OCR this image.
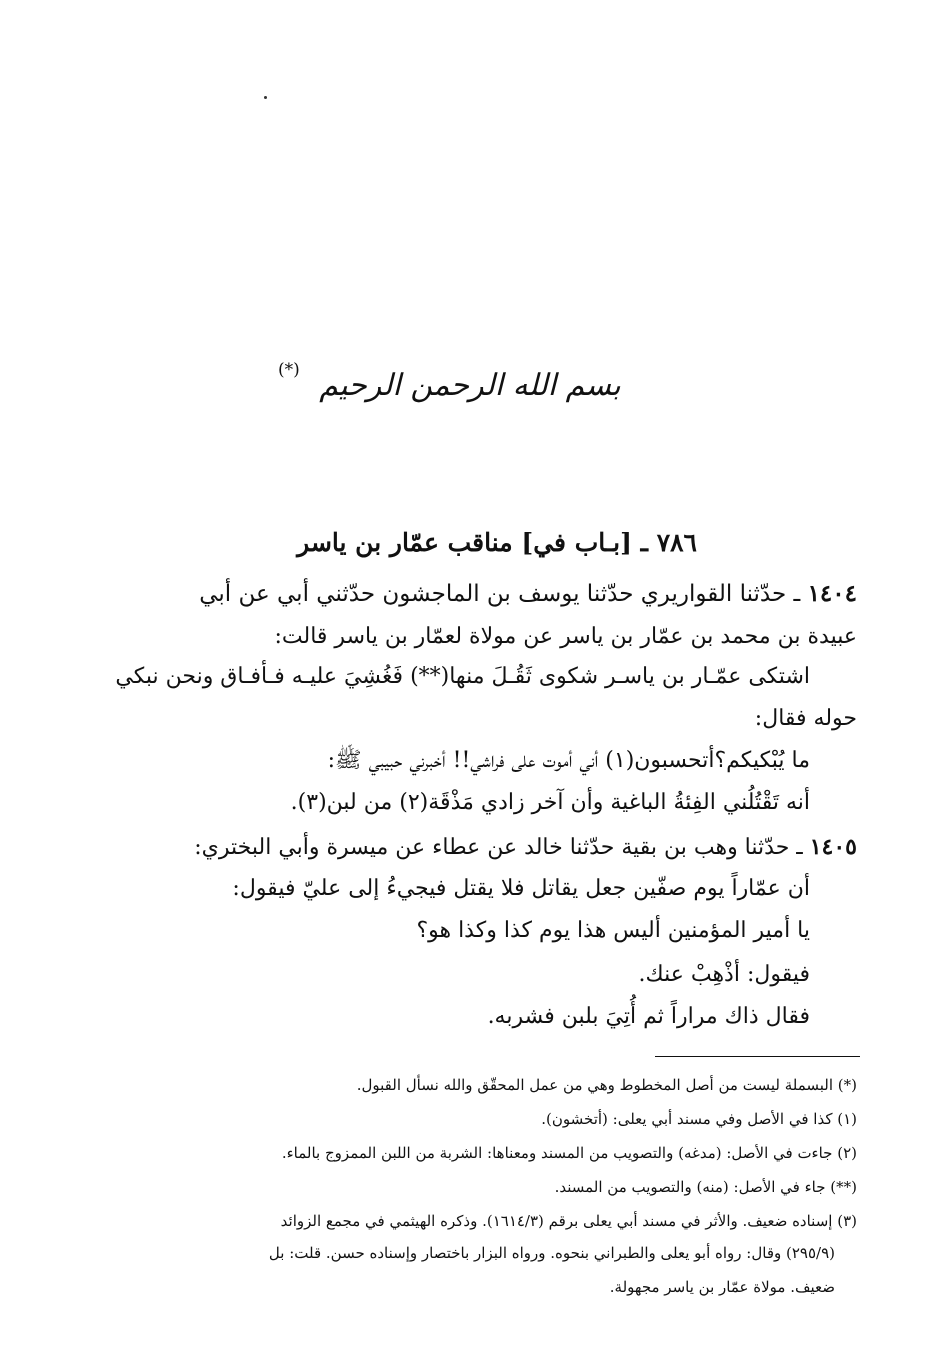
بسم الله الرحمن الرحيم
(*)
٧٨٦ ـ [بـاب في] مناقب عمّار بن ياسر
١٤٠٤ ـ حدّثنا القواريري حدّثنا يوسف بن الماجشون حدّثني أبي عن أبي
عبيدة بن محمد بن عمّار بن ياسر عن مولاة لعمّار بن ياسر قالت:
اشتكى عمّـار بن ياسـر شكوى ثَقُـلَ منها(**) فَغُشِيَ عليـه فـأفـاق ونحن نبكي
حوله فقال:
ما يُبْكيكم؟أتحسبون(١) أني أموت على فراشي!! أخبرني حبيبي ﷺ:
أنه تَقْتُلُني الفِئةُ الباغية وأن آخر زادي مَذْقَة(٢) من لبن(٣).
١٤٠٥ ـ حدّثنا وهب بن بقية حدّثنا خالد عن عطاء عن ميسرة وأبي البختري:
أن عمّاراً يوم صفّين جعل يقاتل فلا يقتل فيجيءُ إلى عليّ فيقول:
يا أمير المؤمنين أليس هذا يوم كذا وكذا هو؟
فيقول: أذْهِبْ عنك.
فقال ذاك مراراً ثم أُتِيَ بلبن فشربه.
(*) البسملة ليست من أصل المخطوط وهي من عمل المحقّق والله نسأل القبول.
(١) كذا في الأصل وفي مسند أبي يعلى: (أتخشون).
(٢) جاءت في الأصل: (مدغه) والتصويب من المسند ومعناها: الشربة من اللبن الممزوج بالماء.
(**) جاء في الأصل: (منه) والتصويب من المسند.
(٣) إسناده ضعيف. والأثر في مسند أبي يعلى برقم (١٦١٤/٣). وذكره الهيثمي في مجمع الزوائد
(٢٩٥/٩) وقال: رواه أبو يعلى والطبراني بنحوه. ورواه البزار باختصار وإسناده حسن. قلت: بل
ضعيف. مولاة عمّار بن ياسر مجهولة.
